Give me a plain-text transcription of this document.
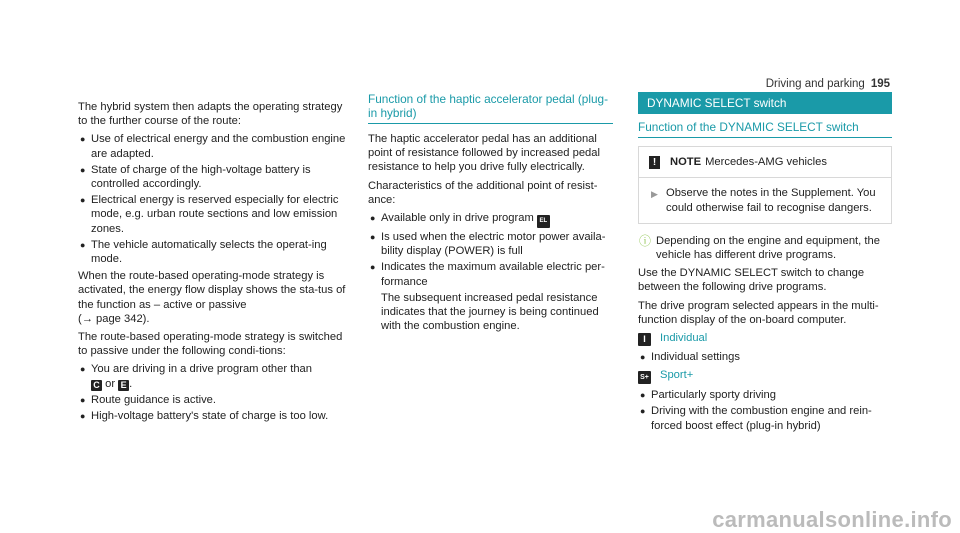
Driving and parking 195

The hybrid system then adapts the operating strategy to the further course of the route:

● Use of electrical energy and the combustion engine are adapted.
● State of charge of the high-voltage battery is controlled accordingly.
● Electrical energy is reserved especially for electric mode, e.g. urban route sections and low emission zones.
● The vehicle automatically selects the operat-ing mode.

When the route-based operating-mode strategy is activated, the energy flow display shows the sta-tus of the function as – active or passive
(→ page 342).

The route-based operating-mode strategy is switched to passive under the following condi-tions:

● You are driving in a drive program other than
C or E .
● Route guidance is active.
● High-voltage battery's state of charge is too low.
Function of the haptic accelerator pedal (plug-in hybrid)

The haptic accelerator pedal has an additional point of resistance followed by increased pedal resistance to help you drive fully electrically.

Characteristics of the additional point of resist-ance:

● Available only in drive program EL
● Is used when the electric motor power availa-bility display (POWER) is full
● Indicates the maximum available electric per-formance

The subsequent increased pedal resistance indicates that the journey is being continued with the combustion engine.
DYNAMIC SELECT switch
Function of the DYNAMIC SELECT switch
! NOTE Mercedes-AMG vehicles
▶ Observe the notes in the Supplement. You could otherwise fail to recognise dangers.
ⓘ Depending on the engine and equipment, the vehicle has different drive programs.

Use the DYNAMIC SELECT switch to change between the following drive programs.

The drive program selected appears in the multi-function display of the on-board computer.

I Individual
● Individual settings
S+ Sport+
● Particularly sporty driving
● Driving with the combustion engine and rein-forced boost effect (plug-in hybrid)
carmanualsonline.info
